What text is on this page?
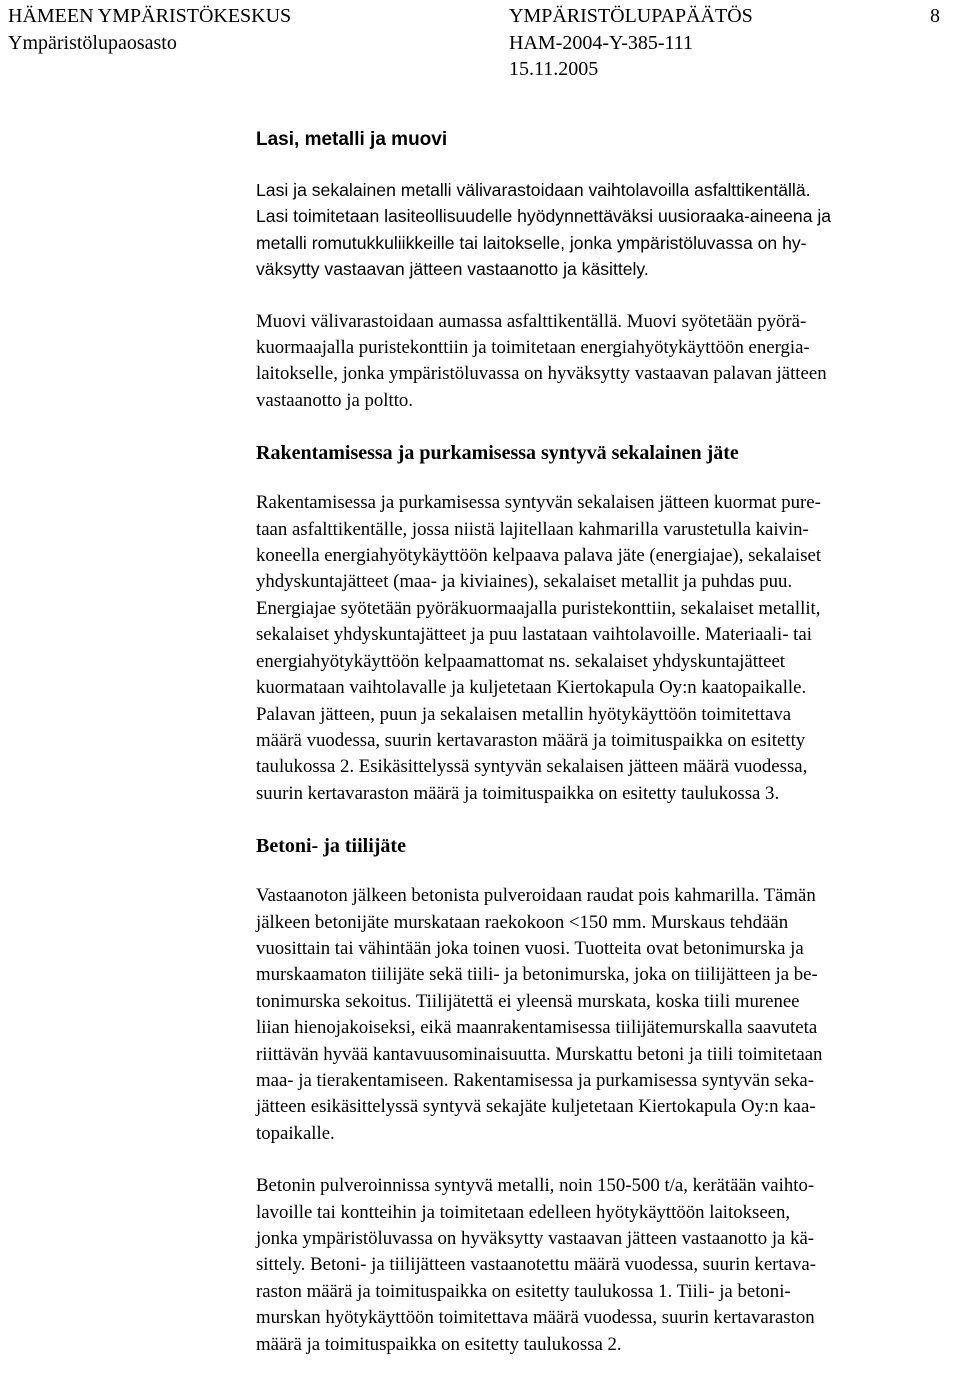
HÄMEEN YMPÄRISTÖKESKUS
Ympäristölupaosasto
YMPÄRISTÖLUPAPÄÄTÖS
HAM-2004-Y-385-111
15.11.2005
8
Lasi, metalli ja muovi

Lasi ja sekalainen metalli välivarastoidaan vaihtolavoilla asfalttikentällä.
Lasi toimitetaan lasiteollisuudelle hyödynnettäväksi uusioraaka-aineena ja
metalli romutukkuliikkeille tai laitokselle, jonka ympäristöluvassa on hy-
väksytty vastaavan jätteen vastaanotto ja käsittely.

Muovi välivarastoidaan aumassa asfalttikentällä. Muovi syötetään pyörä-
kuormaajalla puristekonttiin ja toimitetaan energiahyötykäyttöön energia-
laitokselle, jonka ympäristöluvassa on hyväksytty vastaavan palavan jätteen
vastaanotto ja poltto.

Rakentamisessa ja purkamisessa syntyvä sekalainen jäte

Rakentamisessa ja purkamisessa syntyvän sekalaisen jätteen kuormat pure-
taan asfalttikentälle, jossa niistä lajitellaan kahmarilla varustetulla kaivin-
koneella energiahyötykäyttöön kelpaava palava jäte (energiajae), sekalaiset
yhdyskuntajätteet (maa- ja kiviaines), sekalaiset metallit ja puhdas puu.
Energiajae syötetään pyöräkuormaajalla puristekonttiin, sekalaiset metallit,
sekalaiset yhdyskuntajätteet ja puu lastataan vaihtolavoille. Materiaali- tai
energiahyötykäyttöön kelpaamattomat ns. sekalaiset yhdyskuntajätteet
kuormataan vaihtolavalle ja kuljetetaan Kiertokapula Oy:n kaatopaikalle.
Palavan jätteen, puun ja sekalaisen metallin hyötykäyttöön toimitettava
määrä vuodessa, suurin kertavaraston määrä ja toimituspaikka on esitetty
taulukossa 2. Esikäsittelyssä syntyvän sekalaisen jätteen määrä vuodessa,
suurin kertavaraston määrä ja toimituspaikka on esitetty taulukossa 3.

Betoni- ja tiilijäte

Vastaanoton jälkeen betonista pulveroidaan raudat pois kahmarilla. Tämän
jälkeen betonijäte murskataan raekokoon <150 mm. Murskaus tehdään
vuosittain tai vähintään joka toinen vuosi. Tuotteita ovat betonimurska ja
murskaamaton tiilijäte sekä tiili- ja betonimurska, joka on tiilijätteen ja be-
tonimurska sekoitus. Tiilijätettä ei yleensä murskata, koska tiili murenee
liian hienojakoiseksi, eikä maanrakentamisessa tiilijätemurskalla saavuteta
riittävän hyvää kantavuusominaisuutta. Murskattu betoni ja tiili toimitetaan
maa- ja tierakentamiseen. Rakentamisessa ja purkamisessa syntyvän seka-
jätteen esikäsittelyssä syntyvä sekajäte kuljetetaan Kiertokapula Oy:n kaa-
topaikalle.

Betonin pulveroinnissa syntyvä metalli, noin 150-500 t/a, kerätään vaihto-
lavoille tai kontteihin ja toimitetaan edelleen hyötykäyttöön laitokseen,
jonka ympäristöluvassa on hyväksytty vastaavan jätteen vastaanotto ja kä-
sittely. Betoni- ja tiilijätteen vastaanotettu määrä vuodessa, suurin kertava-
raston määrä ja toimituspaikka on esitetty taulukossa 1. Tiili- ja betoni-
murskan hyötykäyttöön toimitettava määrä vuodessa, suurin kertavaraston
määrä ja toimituspaikka on esitetty taulukossa 2.
